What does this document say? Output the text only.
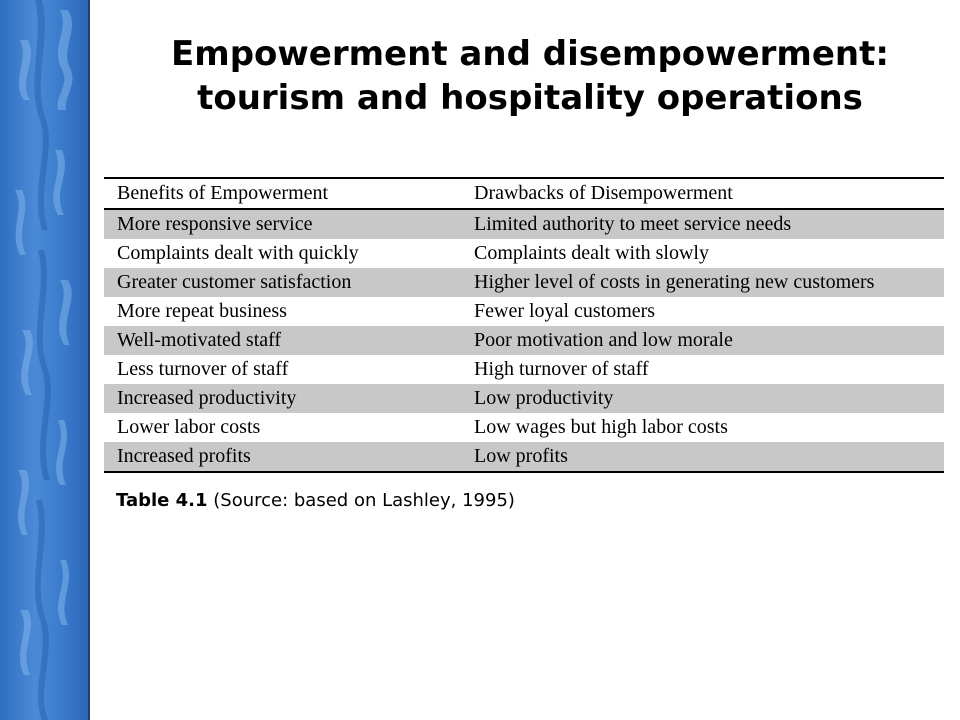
Empowerment and disempowerment:
tourism and hospitality operations
Benefits of Empowerment	Drawbacks of Disempowerment
More responsive service	Limited authority to meet service needs
Complaints dealt with quickly	Complaints dealt with slowly
Greater customer satisfaction	Higher level of costs in generating new customers
More repeat business	Fewer loyal customers
Well-motivated staff	Poor motivation and low morale
Less turnover of staff	High turnover of staff
Increased productivity	Low productivity
Lower labor costs	Low wages but high labor costs
Increased profits	Low profits
Table 4.1 (Source: based on Lashley, 1995)
